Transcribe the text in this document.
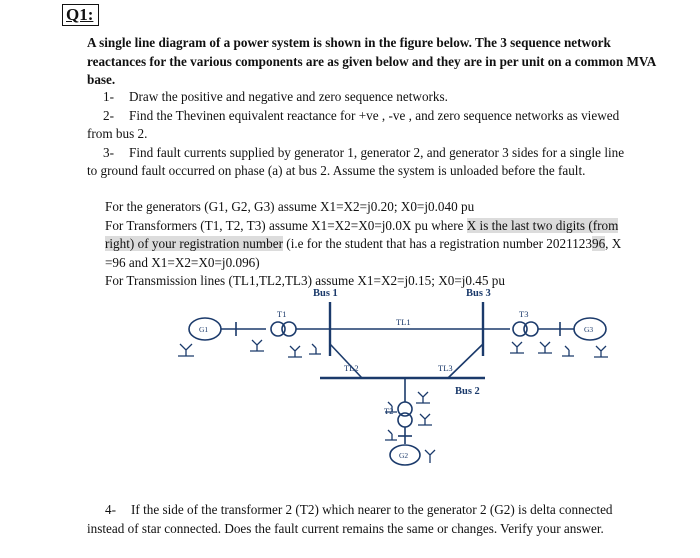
Q1:
A single line diagram of a power system is shown in the figure below. The 3 sequence network reactances for the various components are as given below and they are in per unit on a common MVA base.

1- Draw the positive and negative and zero sequence networks.

2- Find the Thevinen equivalent reactance for +ve , -ve , and zero sequence networks as viewed

from bus 2.

3- Find fault currents supplied by generator 1, generator 2, and generator 3 sides for a single line

to ground fault occurred on phase (a) at bus 2. Assume the system is unloaded before the fault.

For the generators (G1, G2, G3) assume X1=X2=j0.20; X0=j0.040 pu

For Transformers (T1, T2, T3) assume X1=X2=X0=j0.0X pu where X is the last two digits (from

right) of your registration number (i.e for the student that has a registration number 202112396, X

=96 and X1=X2=X0=j0.096)

For Transmission lines (TL1,TL2,TL3) assume X1=X2=j0.15; X0=j0.45 pu

Bus 1	Bus 3
Bus 2
T1	T3
T2
TL1
TL2	TL3
G1	G3
G2

4- If the side of the transformer 2 (T2) which nearer to the generator 2 (G2) is delta connected

instead of star connected. Does the fault current remains the same or changes. Verify your answer.
